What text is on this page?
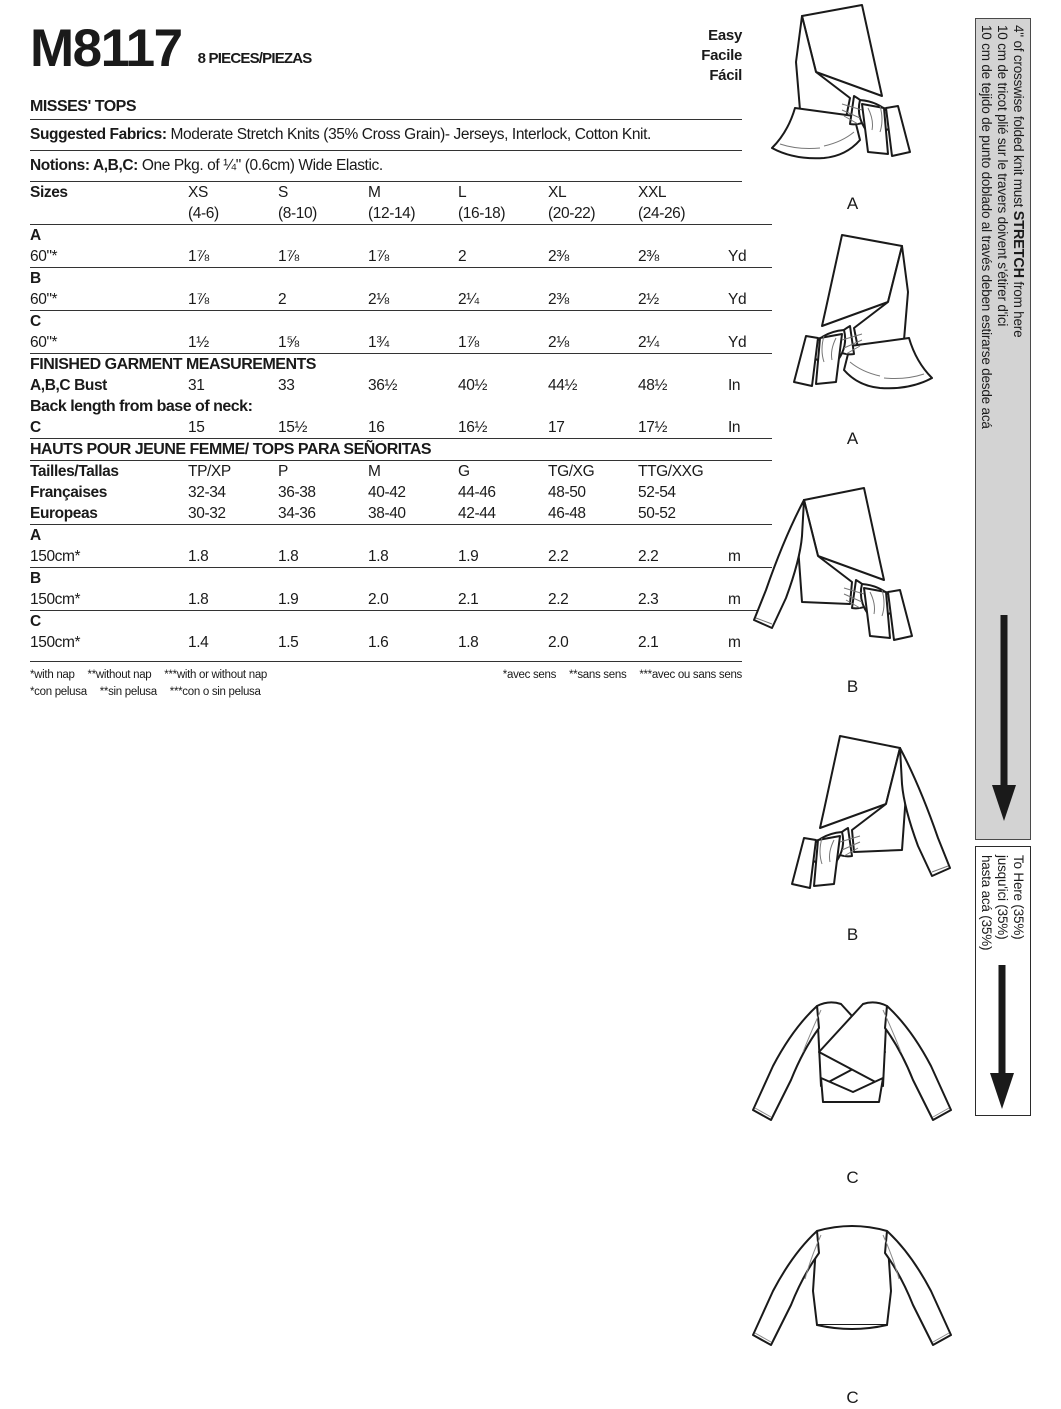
M8117 8 PIECES/PIEZAS
MISSES' TOPS
Suggested Fabrics: Moderate Stretch Knits (35% Cross Grain)- Jerseys, Interlock, Cotton Knit.
Notions: A,B,C: One Pkg. of ¼" (0.6cm) Wide Elastic.
Sizes	XS	S	M	L	XL	XXL	
	(4-6)	(8-10)	(12-14)	(16-18)	(20-22)	(24-26)	
A							
60"*	1⅞	1⅞	1⅞	2	2⅜	2⅜	Yd
B							
60"*	1⅞	2	2⅛	2¼	2⅜	2½	Yd
C							
60"*	1½	1⅝	1¾	1⅞	2⅛	2¼	Yd
FINISHED GARMENT MEASUREMENTS							
A,B,C Bust	31	33	36½	40½	44½	48½	In
Back length from base of neck:							
C	15	15½	16	16½	17	17½	In
HAUTS POUR JEUNE FEMME/ TOPS PARA SEÑORITAS							
Tailles/Tallas	TP/XP	P	M	G	TG/XG	TTG/XXG	
Françaises	32-34	36-38	40-42	44-46	48-50	52-54	
Europeas	30-32	34-36	38-40	42-44	46-48	50-52	
A							
150cm*	1.8	1.8	1.8	1.9	2.2	2.2	m
B							
150cm*	1.8	1.9	2.0	2.1	2.2	2.3	m
C							
150cm*	1.4	1.5	1.6	1.8	2.0	2.1	m
*with nap **without nap ***with or without nap	*avec sens **sans sens ***avec ou sans sens
*con pelusa **sin pelusa ***con o sin pelusa
Easy
Facile
Fácil
A
A
B
B
C
C
4" of crosswise folded knit must STRETCH from here
10 cm de tricot plié sur le travers doivent s'étirer d'ici
10 cm de tejido de punto doblado al través deben estirarse desde acá
To Here (35%)
jusqu'ici (35%)
hasta acá (35%)
